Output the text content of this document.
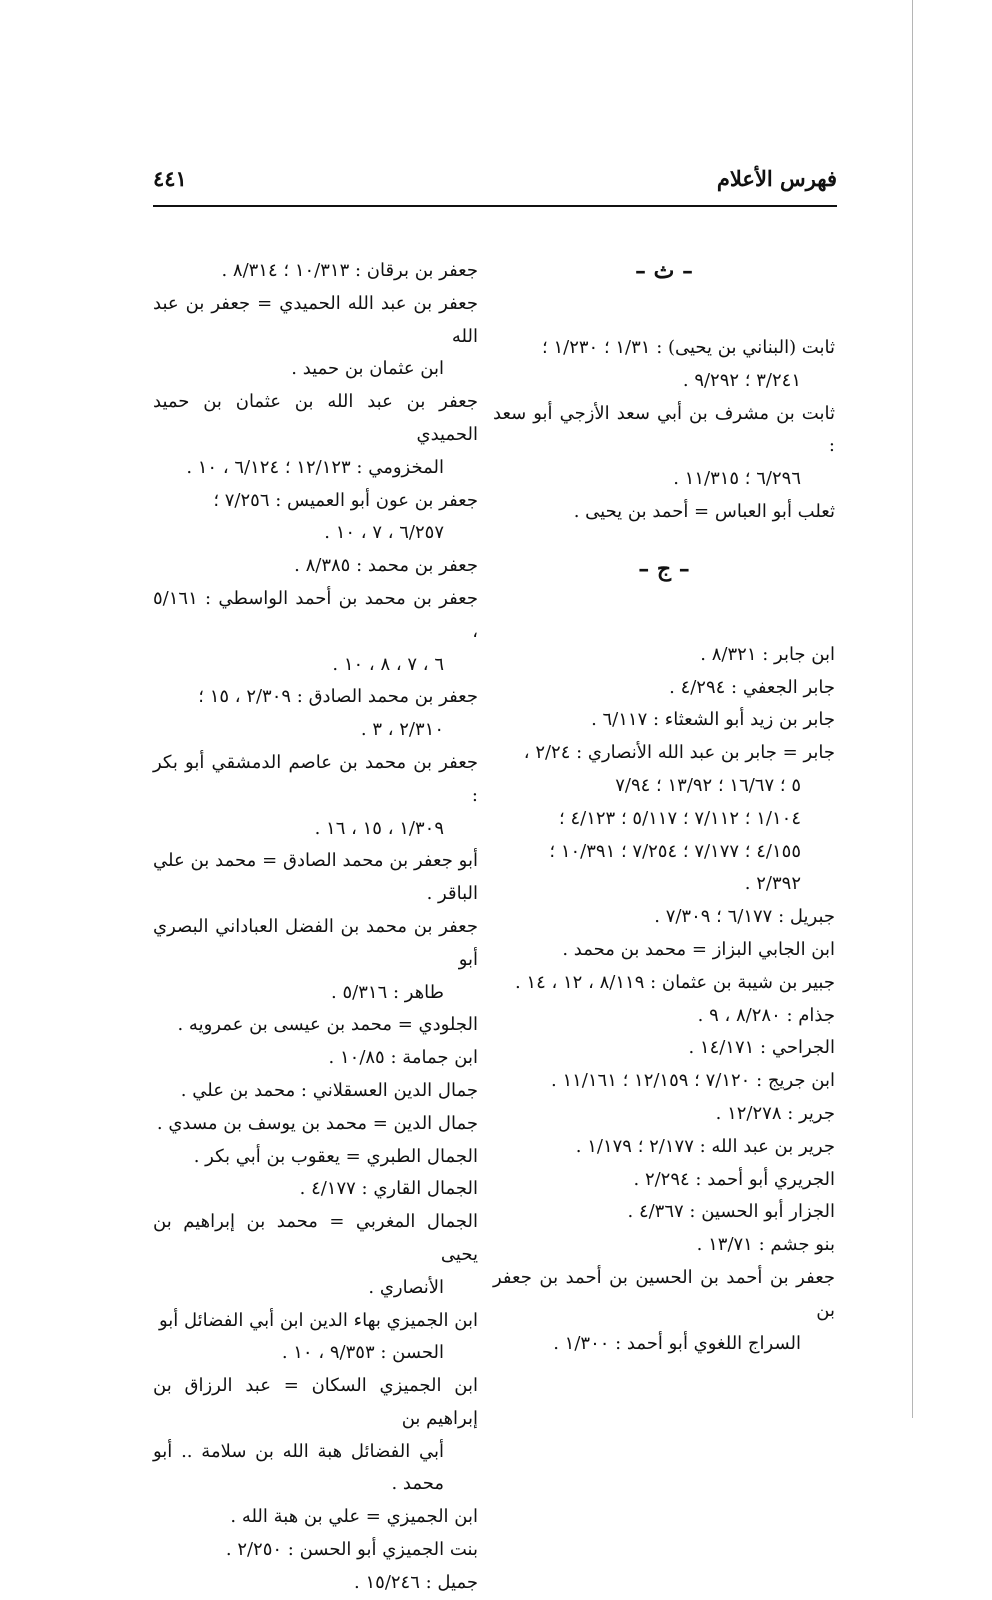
فهرس الأعلام
٤٤١
– ث –
ثابت (البناني بن يحيى) : ١/٣١ ؛ ١/٢٣٠ ؛
٣/٢٤١ ؛ ٩/٢٩٢ .
ثابت بن مشرف بن أبي سعد الأزجي أبو سعد :
٦/٢٩٦ ؛ ١١/٣١٥ .
ثعلب أبو العباس = أحمد بن يحيى .
– ج –
ابن جابر : ٨/٣٢١ .
جابر الجعفي : ٤/٢٩٤ .
جابر بن زيد أبو الشعثاء : ٦/١١٧ .
جابر = جابر بن عبد الله الأنصاري : ٢/٢٤ ،
٥ ؛ ١٦/٦٧ ؛ ١٣/٩٢ ؛ ٧/٩٤
١/١٠٤ ؛ ٧/١١٢ ؛ ٥/١١٧ ؛ ٤/١٢٣ ؛
٤/١٥٥ ؛ ٧/١٧٧ ؛ ٧/٢٥٤ ؛ ١٠/٣٩١ ؛
٢/٣٩٢ .
جبريل : ٦/١٧٧ ؛ ٧/٣٠٩ .
ابن الجابي البزاز = محمد بن محمد .
جبير بن شيبة بن عثمان : ٨/١١٩ ، ١٢ ، ١٤ .
جذام : ٨/٢٨٠ ، ٩ .
الجراحي : ١٤/١٧١ .
ابن جريج : ٧/١٢٠ ؛ ١٢/١٥٩ ؛ ١١/١٦١ .
جرير : ١٢/٢٧٨ .
جرير بن عبد الله : ٢/١٧٧ ؛ ١/١٧٩ .
الجريري أبو أحمد : ٢/٢٩٤ .
الجزار أبو الحسين : ٤/٣٦٧ .
بنو جشم : ١٣/٧١ .
جعفر بن أحمد بن الحسين بن أحمد بن جعفر بن
السراج اللغوي أبو أحمد : ١/٣٠٠ .
جعفر بن برقان : ١٠/٣١٣ ؛ ٨/٣١٤ .
جعفر بن عبد الله الحميدي = جعفر بن عبد الله
ابن عثمان بن حميد .
جعفر بن عبد الله بن عثمان بن حميد الحميدي
المخزومي : ١٢/١٢٣ ؛ ٦/١٢٤ ، ١٠ .
جعفر بن عون أبو العميس : ٧/٢٥٦ ؛
٦/٢٥٧ ، ٧ ، ١٠ .
جعفر بن محمد : ٨/٣٨٥ .
جعفر بن محمد بن أحمد الواسطي : ٥/١٦١ ،
٦ ، ٧ ، ٨ ، ١٠ .
جعفر بن محمد الصادق : ٢/٣٠٩ ، ١٥ ؛
٢/٣١٠ ، ٣ .
جعفر بن محمد بن عاصم الدمشقي أبو بكر :
١/٣٠٩ ، ١٥ ، ١٦ .
أبو جعفر بن محمد الصادق = محمد بن علي الباقر .
جعفر بن محمد بن الفضل العباداني البصري أبو
طاهر : ٥/٣١٦ .
الجلودي = محمد بن عيسى بن عمرويه .
ابن جمامة : ١٠/٨٥ .
جمال الدين العسقلاني : محمد بن علي .
جمال الدين = محمد بن يوسف بن مسدي .
الجمال الطبري = يعقوب بن أبي بكر .
الجمال القاري : ٤/١٧٧ .
الجمال المغربي = محمد بن إبراهيم بن يحيى
الأنصاري .
ابن الجميزي بهاء الدين ابن أبي الفضائل أبو
الحسن : ٩/٣٥٣ ، ١٠ .
ابن الجميزي السكان = عبد الرزاق بن إبراهيم بن
أبي الفضائل هبة الله بن سلامة .. أبو محمد .
ابن الجميزي = علي بن هبة الله .
بنت الجميزي أبو الحسن : ٢/٢٥٠ .
جميل : ١٥/٢٤٦ .
